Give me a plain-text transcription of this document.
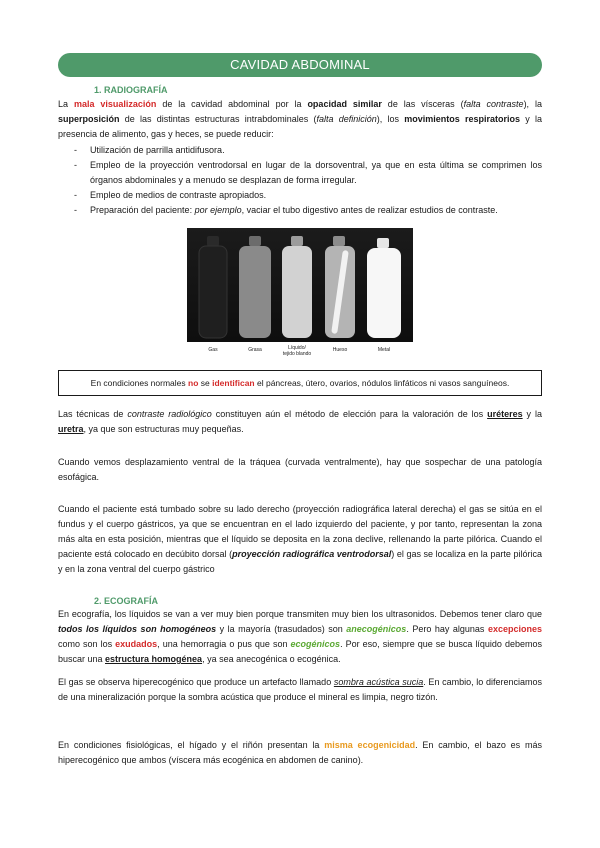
CAVIDAD ABDOMINAL
1. RADIOGRAFÍA
La mala visualización de la cavidad abdominal por la opacidad similar de las vísceras (falta contraste), la superposición de las distintas estructuras intrabdominales (falta definición), los movimientos respiratorios y la presencia de alimento, gas y heces, se puede reducir:
- Utilización de parrilla antidifusora.
- Empleo de la proyección ventrodorsal en lugar de la dorsoventral, ya que en esta última se comprimen los órganos abdominales y a menudo se desplazan de forma irregular.
- Empleo de medios de contraste apropiados.
- Preparación del paciente: por ejemplo, vaciar el tubo digestivo antes de realizar estudios de contraste.
Gas	Grasa	Líquido/ tejido blando
Hueso	Metal
En condiciones normales no se identifican el páncreas, útero, ovarios, nódulos linfáticos ni vasos sanguíneos.
Las técnicas de contraste radiológico constituyen aún el método de elección para la valoración de los uréteres y la uretra, ya que son estructuras muy pequeñas.
Cuando vemos desplazamiento ventral de la tráquea (curvada ventralmente), hay que sospechar de una patología esofágica.
Cuando el paciente está tumbado sobre su lado derecho (proyección radiográfica lateral derecha) el gas se sitúa en el fundus y el cuerpo gástricos, ya que se encuentran en el lado izquierdo del paciente, y por tanto, representan la zona más alta en esta posición, mientras que el líquido se deposita en la zona declive, rellenando la parte pilórica. Cuando el paciente está colocado en decúbito dorsal (proyección radiográfica ventrodorsal) el gas se localiza en la parte pilórica y en la zona ventral del cuerpo gástrico
2. ECOGRAFÍA
En ecografía, los líquidos se van a ver muy bien porque transmiten muy bien los ultrasonidos. Debemos tener claro que todos los líquidos son homogéneos y la mayoría (trasudados) son anecogénicos. Pero hay algunas excepciones como son los exudados, una hemorragia o pus que son ecogénicos. Por eso, siempre que se busca líquido debemos buscar una estructura homogénea, ya sea anecogénica o ecogénica.
El gas se observa hiperecogénico que produce un artefacto llamado sombra acústica sucia. En cambio, lo diferenciamos de una mineralización porque la sombra acústica que produce el mineral es limpia, negro tizón.
En condiciones fisiológicas, el hígado y el riñón presentan la misma ecogenicidad. En cambio, el bazo es más hiperecogénico que ambos (víscera más ecogénica en abdomen de canino).
